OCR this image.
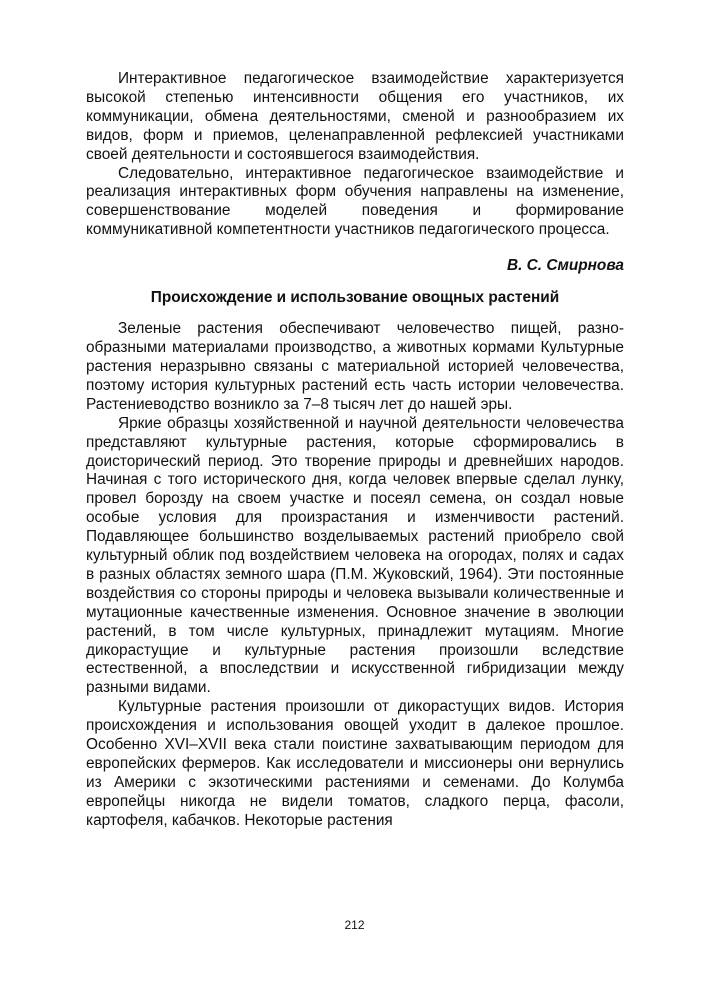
Интерактивное педагогическое взаимодействие характеризуется высокой степенью интенсивности общения его участников, их коммуникации, обмена деятельностями, сменой и разнообразием их видов, форм и приемов, целенаправленной рефлексией участниками своей деятельности и состоявшегося взаимодействия.

Следовательно, интерактивное педагогическое взаимодействие и реализация интерактивных форм обучения направлены на изменение, совершенствование моделей поведения и формирование коммуникативной компетентности участников педагогического процесса.

В. С. Смирнова

Происхождение и использование овощных растений

Зеленые растения обеспечивают человечество пищей, разнообразными материалами производство, а животных кормами Культурные растения неразрывно связаны с материальной историей человечества, поэтому история культурных растений есть часть истории человечества. Растениеводство возникло за 7–8 тысяч лет до нашей эры.

Яркие образцы хозяйственной и научной деятельности человечества представляют культурные растения, которые сформировались в доисторический период. Это творение природы и древнейших народов. Начиная с того исторического дня, когда человек впервые сделал лунку, провел борозду на своем участке и посеял семена, он создал новые особые условия для произрастания и изменчивости растений. Подавляющее большинство возделываемых растений приобрело свой культурный облик под воздействием человека на огородах, полях и садах в разных областях земного шара (П.М. Жуковский, 1964). Эти постоянные воздействия со стороны природы и человека вызывали количественные и мутационные качественные изменения. Основное значение в эволюции растений, в том числе культурных, принадлежит мутациям. Многие дикорастущие и культурные растения произошли вследствие естественной, а впоследствии и искусственной гибридизации между разными видами.

Культурные растения произошли от дикорастущих видов. История происхождения и использования овощей уходит в далекое прошлое. Особенно XVI–XVII века стали поистине захватывающим периодом для европейских фермеров. Как исследователи и миссионеры они вернулись из Америки с экзотическими растениями и семенами. До Колумба европейцы никогда не видели томатов, сладкого перца, фасоли, картофеля, кабачков. Некоторые растения

212
